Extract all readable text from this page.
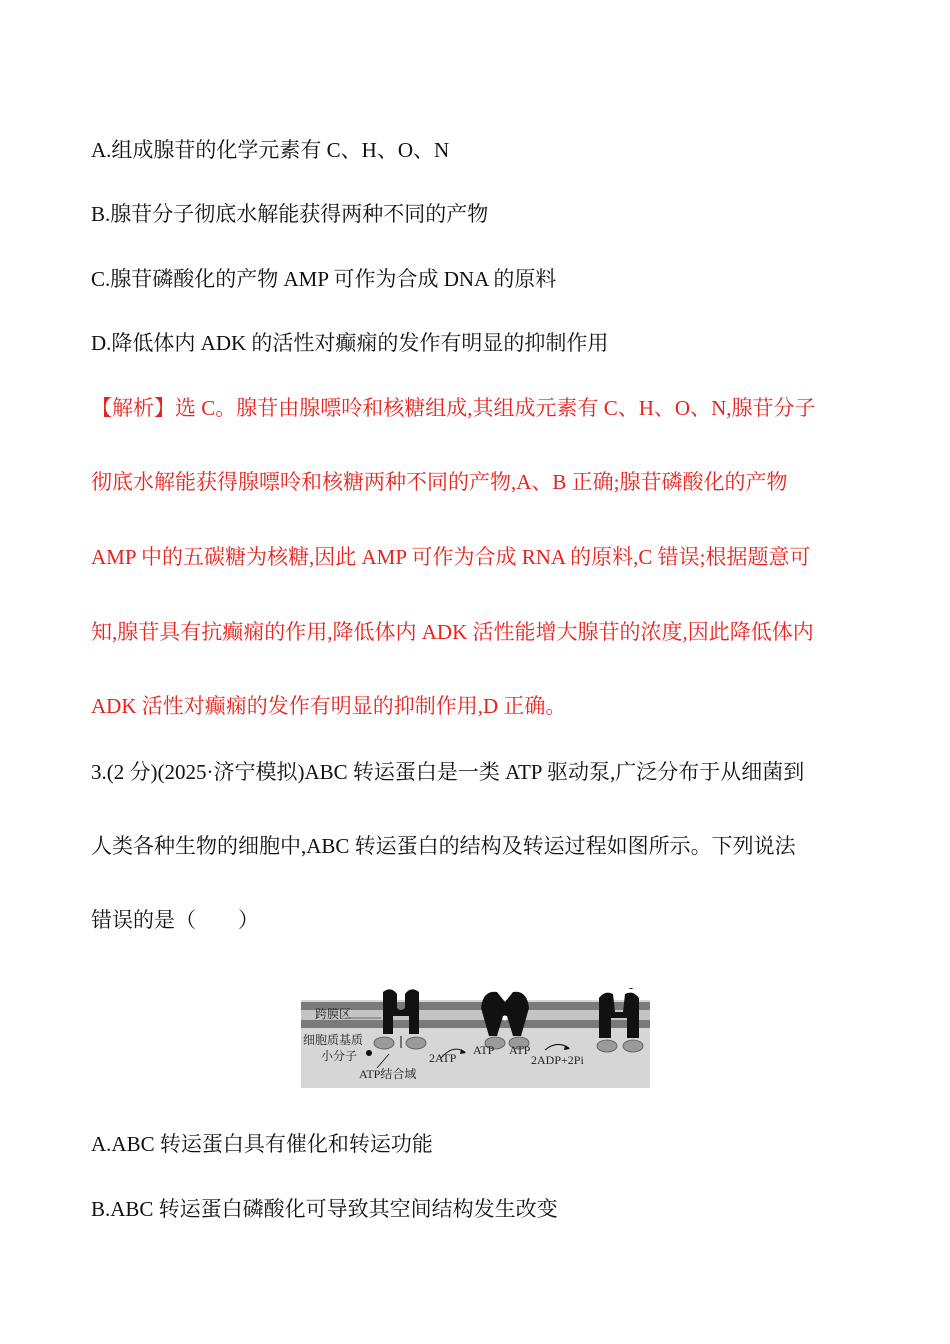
A.组成腺苷的化学元素有 C、H、O、N
B.腺苷分子彻底水解能获得两种不同的产物
C.腺苷磷酸化的产物 AMP 可作为合成 DNA 的原料
D.降低体内 ADK 的活性对癫痫的发作有明显的抑制作用
【解析】选 C。腺苷由腺嘌呤和核糖组成,其组成元素有 C、H、O、N,腺苷分子
彻底水解能获得腺嘌呤和核糖两种不同的产物,A、B 正确;腺苷磷酸化的产物
AMP 中的五碳糖为核糖,因此 AMP 可作为合成 RNA 的原料,C 错误;根据题意可
知,腺苷具有抗癫痫的作用,降低体内 ADK 活性能增大腺苷的浓度,因此降低体内
ADK 活性对癫痫的发作有明显的抑制作用,D 正确。
3.(2 分)(2025·济宁模拟)ABC 转运蛋白是一类 ATP 驱动泵,广泛分布于从细菌到
人类各种生物的细胞中,ABC 转运蛋白的结构及转运过程如图所示。下列说法
错误的是（　　）
跨膜区
细胞质基质
小分子
ATP结合域
2ATP
ATP ATP
2ADP+2Pi
A.ABC 转运蛋白具有催化和转运功能
B.ABC 转运蛋白磷酸化可导致其空间结构发生改变
